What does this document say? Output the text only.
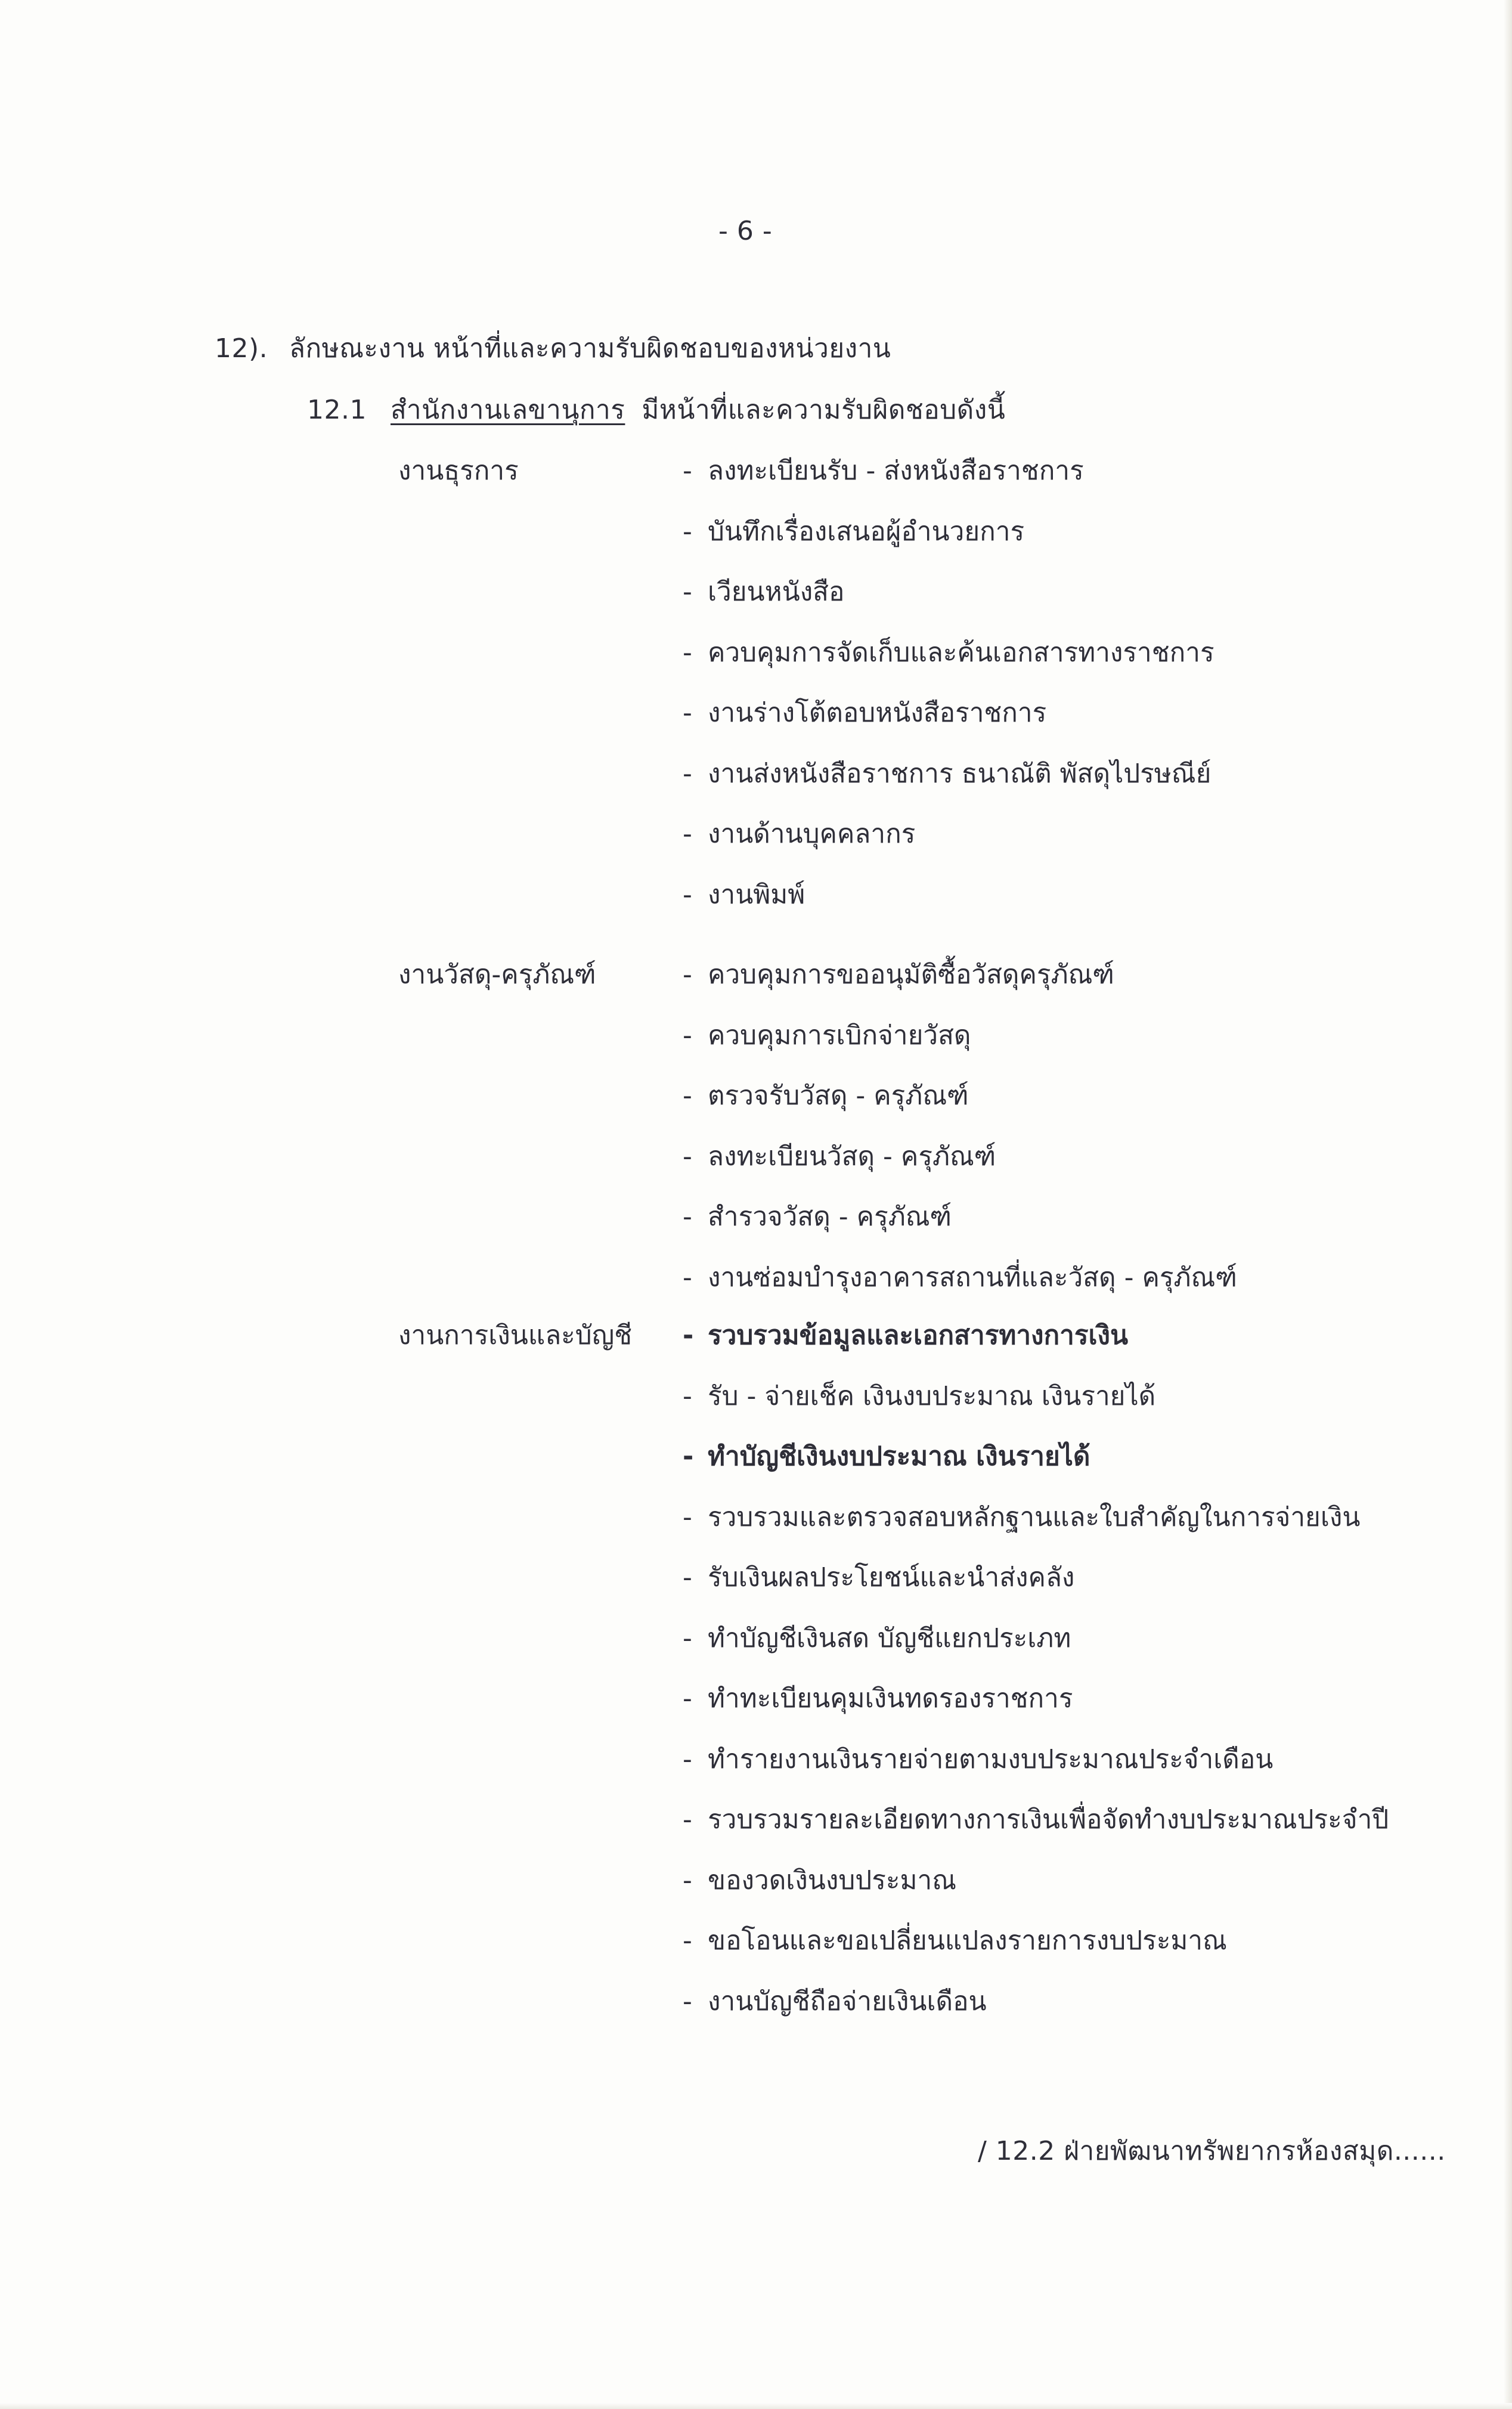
- 6 -
12). ลักษณะงาน หน้าที่และความรับผิดชอบของหน่วยงาน
12.1 สำนักงานเลขานุการ มีหน้าที่และความรับผิดชอบดังนี้
งานธุรการ	- ลงทะเบียนรับ - ส่งหนังสือราชการ
- บันทึกเรื่องเสนอผู้อำนวยการ
- เวียนหนังสือ
- ควบคุมการจัดเก็บและค้นเอกสารทางราชการ
- งานร่างโต้ตอบหนังสือราชการ
- งานส่งหนังสือราชการ ธนาณัติ พัสดุไปรษณีย์
- งานด้านบุคคลากร
- งานพิมพ์
งานวัสดุ-ครุภัณฑ์	- ควบคุมการขออนุมัติซื้อวัสดุครุภัณฑ์
- ควบคุมการเบิกจ่ายวัสดุ
- ตรวจรับวัสดุ - ครุภัณฑ์
- ลงทะเบียนวัสดุ - ครุภัณฑ์
- สำรวจวัสดุ - ครุภัณฑ์
- งานซ่อมบำรุงอาคารสถานที่และวัสดุ - ครุภัณฑ์
งานการเงินและบัญชี - รวบรวมข้อมูลและเอกสารทางการเงิน
- รับ - จ่ายเช็ค เงินงบประมาณ เงินรายได้
- ทำบัญชีเงินงบประมาณ เงินรายได้
- รวบรวมและตรวจสอบหลักฐานและใบสำคัญในการจ่ายเงิน
- รับเงินผลประโยชน์และนำส่งคลัง
- ทำบัญชีเงินสด บัญชีแยกประเภท
- ทำทะเบียนคุมเงินทดรองราชการ
- ทำรายงานเงินรายจ่ายตามงบประมาณประจำเดือน
- รวบรวมรายละเอียดทางการเงินเพื่อจัดทำงบประมาณประจำปี
- ของวดเงินงบประมาณ
- ขอโอนและขอเปลี่ยนแปลงรายการงบประมาณ
- งานบัญชีถือจ่ายเงินเดือน
/ 12.2 ฝ่ายพัฒนาทรัพยากรห้องสมุด......
